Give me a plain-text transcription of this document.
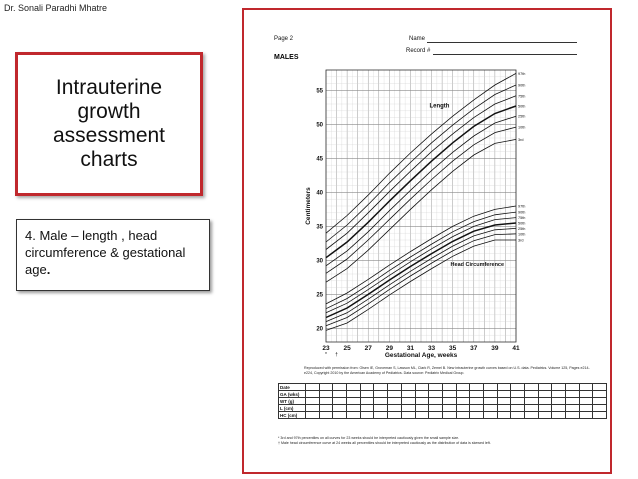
Dr. Sonali Paradhi Mhatre
Intrauterine
growth
assessment
charts
4. Male – length , head circumference & gestational age.
Page 2
MALES
Name
Record #
20
25
30
35
40
45
50
55
23 25 27 29 31 33 35 37 39 41
* †	Gestational Age, weeks
Centimeters
97th
90th
75th
50th
25th
10th
3rd
97th
90th
75th
50th
25th
10th
3rd
Length
Head Circumference
Reproduced with permission from: Olsen IE, Groveman S, Lawson ML, Clark R, Zemel B. New intrauterine growth curves based on U.S. data. Pediatrics. Volume 125, Pages e214-e224, Copyright 2010 by the American Academy of Pediatrics. Data source: Pediatrix Medical Group.
Date																						
GA (wks)																						
WT (g)																						
L (cm)																						
HC (cm)																						
* 3rd and 97th percentiles on all curves for 23 weeks should be interpreted cautiously given the small sample size.
† Male head circumference curve at 24 weeks all percentiles should be interpreted cautiously as the distribution of data is skewed left.
